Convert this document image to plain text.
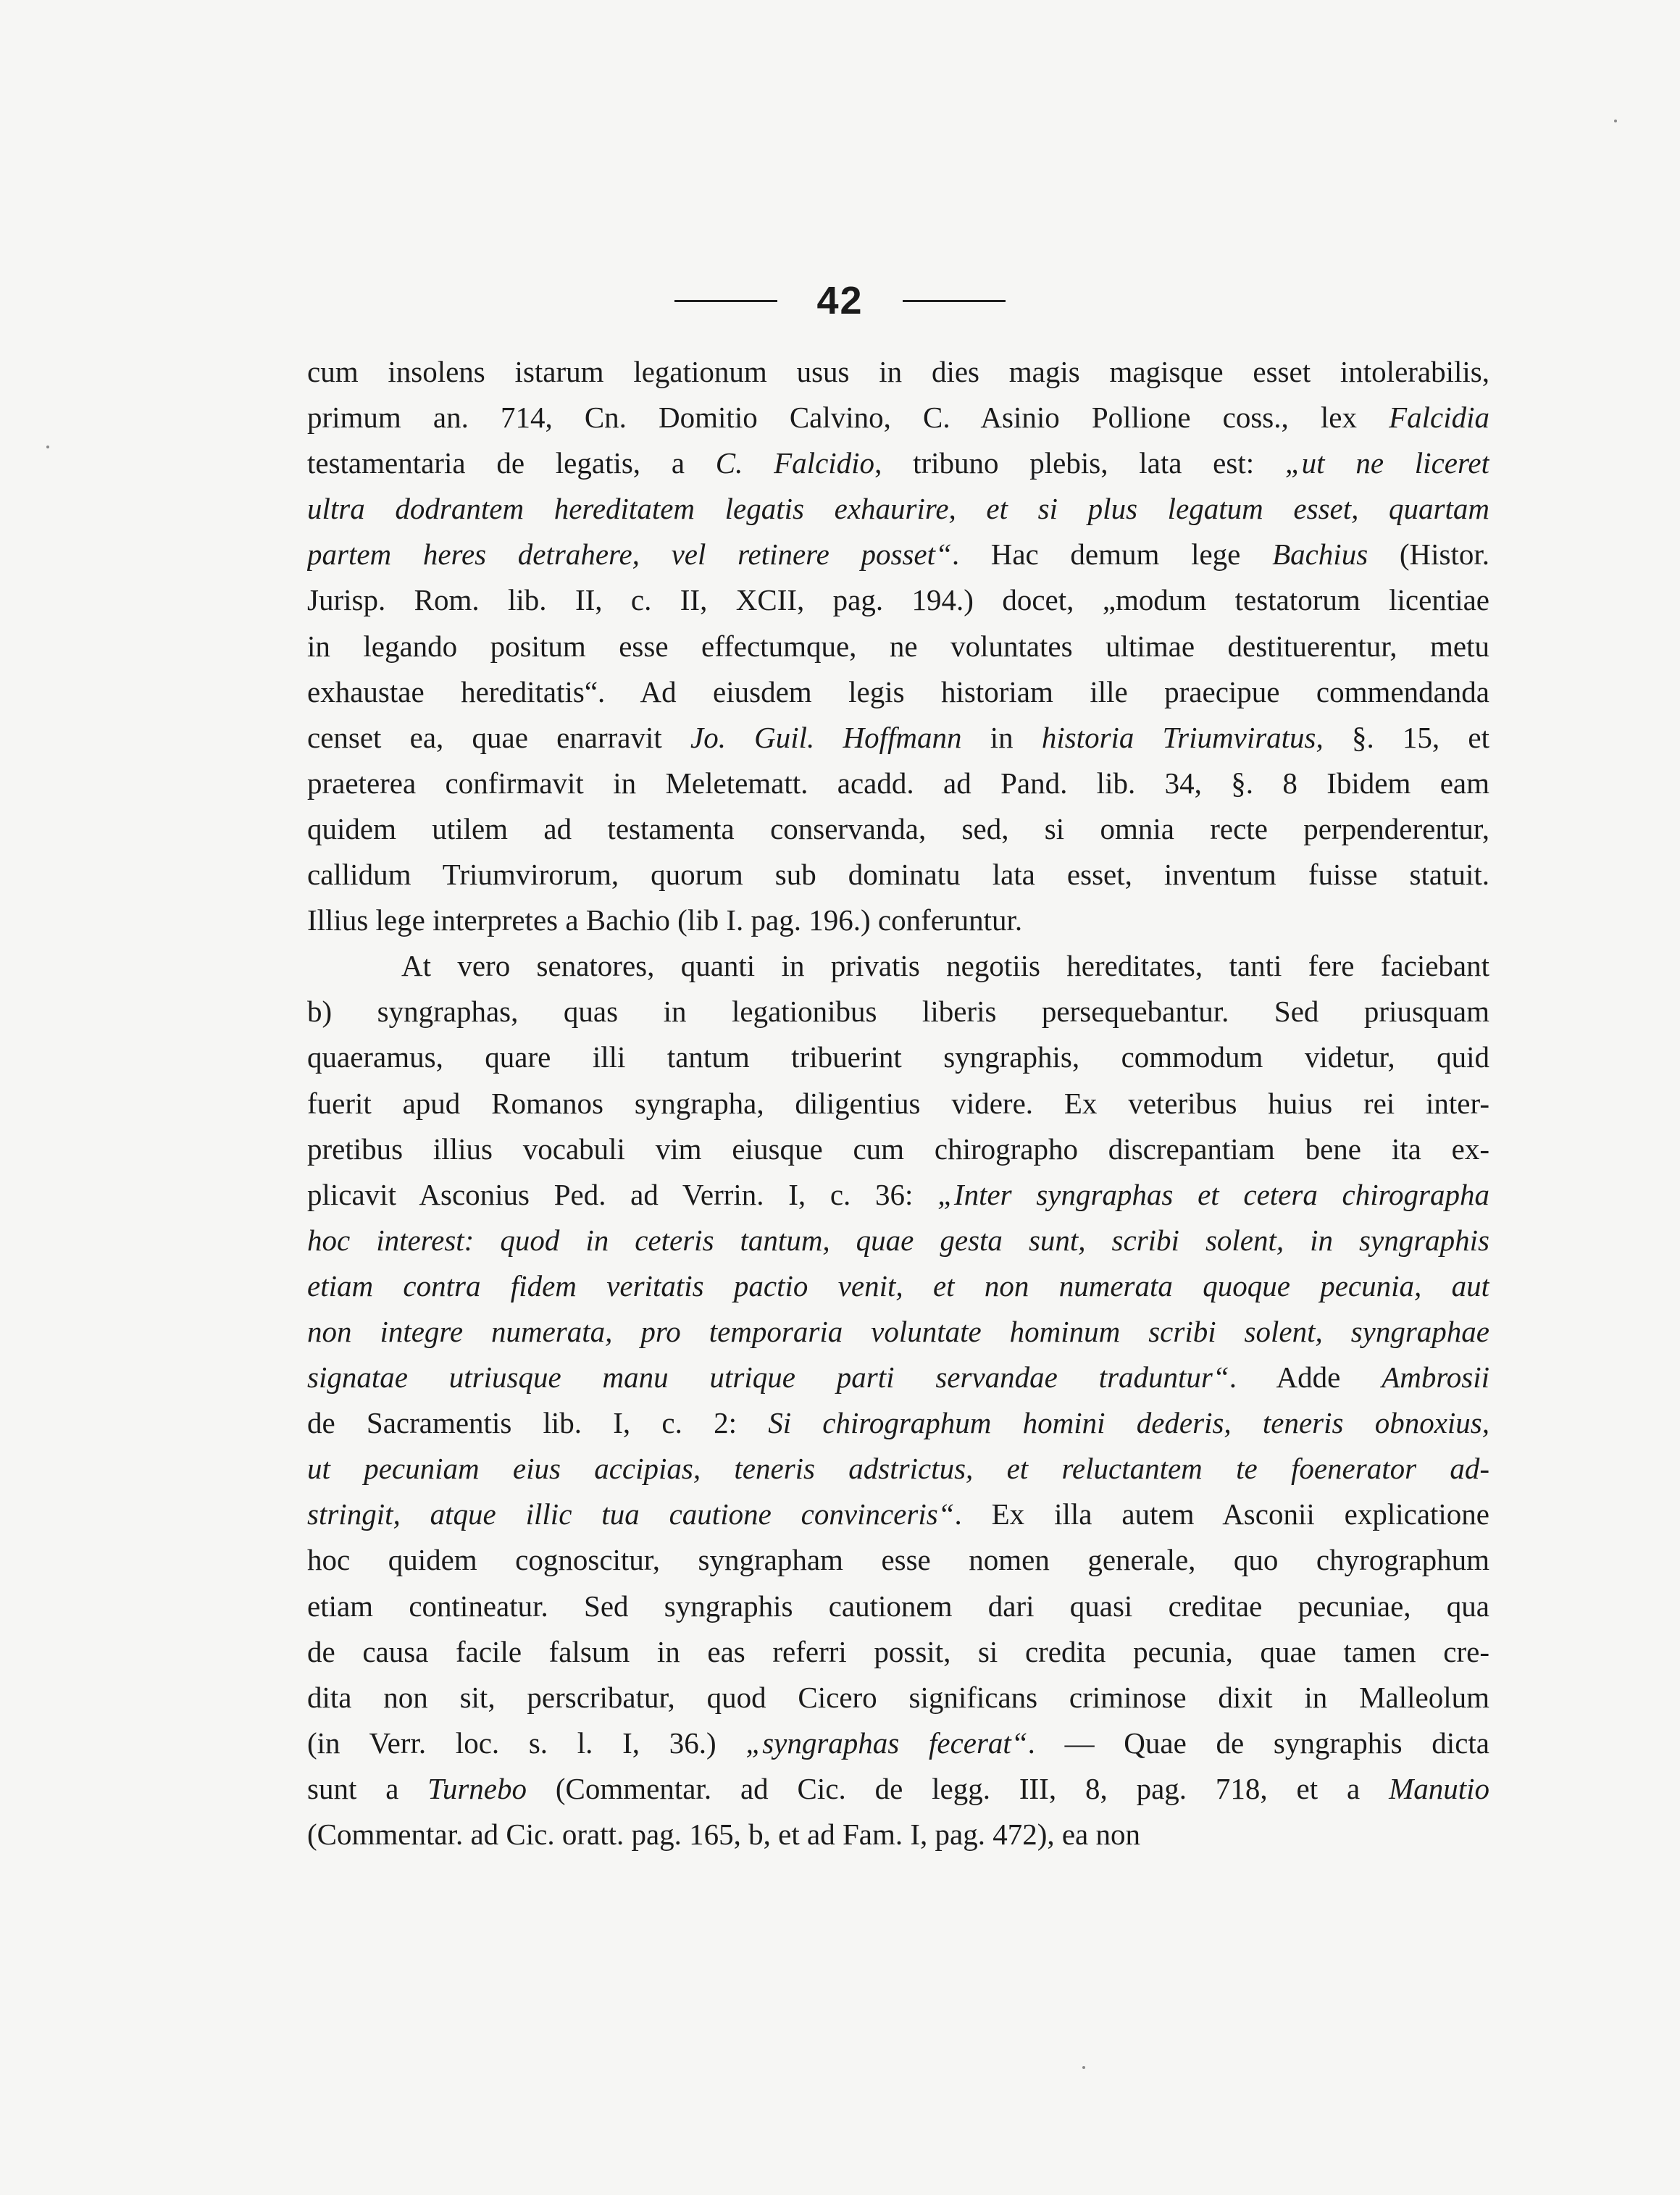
42
cum insolens istarum legationum usus in dies magis magisque esset intolerabilis,
primum an. 714, Cn. Domitio Calvino, C. Asinio Pollione coss., lex Falcidia
testamentaria de legatis, a C. Falcidio, tribuno plebis, lata est: „ut ne liceret
ultra dodrantem hereditatem legatis exhaurire, et si plus legatum esset, quartam
partem heres detrahere, vel retinere posset“. Hac demum lege Bachius (Histor.
Jurisp. Rom. lib. II, c. II, XCII, pag. 194.) docet, „modum testatorum licentiae
in legando positum esse effectumque, ne voluntates ultimae destituerentur, metu
exhaustae hereditatis“. Ad eiusdem legis historiam ille praecipue commendanda
censet ea, quae enarravit Jo. Guil. Hoffmann in historia Triumviratus, §. 15, et
praeterea confirmavit in Meletematt. acadd. ad Pand. lib. 34, §. 8 Ibidem eam
quidem utilem ad testamenta conservanda, sed, si omnia recte perpenderentur,
callidum Triumvirorum, quorum sub dominatu lata esset, inventum fuisse statuit.
Illius lege interpretes a Bachio (lib I. pag. 196.) conferuntur.
At vero senatores, quanti in privatis negotiis hereditates, tanti fere faciebant
b) syngraphas, quas in legationibus liberis persequebantur. Sed priusquam
quaeramus, quare illi tantum tribuerint syngraphis, commodum videtur, quid
fuerit apud Romanos syngrapha, diligentius videre. Ex veteribus huius rei inter-
pretibus illius vocabuli vim eiusque cum chirographo discrepantiam bene ita ex-
plicavit Asconius Ped. ad Verrin. I, c. 36: „Inter syngraphas et cetera chirographa
hoc interest: quod in ceteris tantum, quae gesta sunt, scribi solent, in syngraphis
etiam contra fidem veritatis pactio venit, et non numerata quoque pecunia, aut
non integre numerata, pro temporaria voluntate hominum scribi solent, syngraphae
signatae utriusque manu utrique parti servandae traduntur“. Adde Ambrosii
de Sacramentis lib. I, c. 2: Si chirographum homini dederis, teneris obnoxius,
ut pecuniam eius accipias, teneris adstrictus, et reluctantem te foenerator ad-
stringit, atque illic tua cautione convinceris“. Ex illa autem Asconii explicatione
hoc quidem cognoscitur, syngrapham esse nomen generale, quo chyrographum
etiam contineatur. Sed syngraphis cautionem dari quasi creditae pecuniae, qua
de causa facile falsum in eas referri possit, si credita pecunia, quae tamen cre-
dita non sit, perscribatur, quod Cicero significans criminose dixit in Malleolum
(in Verr. loc. s. l. I, 36.) „syngraphas fecerat“. — Quae de syngraphis dicta
sunt a Turnebo (Commentar. ad Cic. de legg. III, 8, pag. 718, et a Manutio
(Commentar. ad Cic. oratt. pag. 165, b, et ad Fam. I, pag. 472), ea non
